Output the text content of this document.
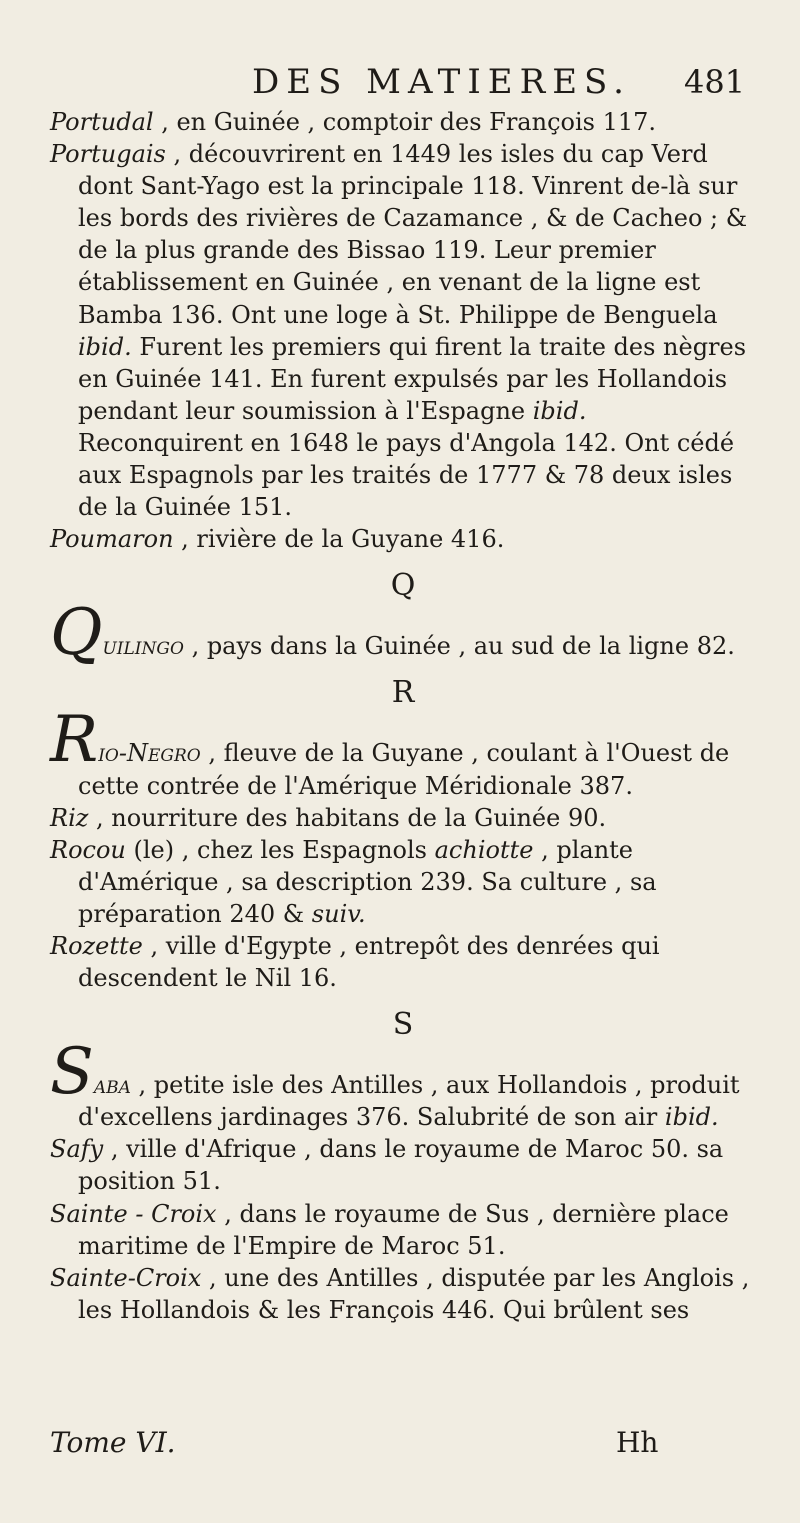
DES MATIERES. 481

Portudal , en Guinée , comptoir des François 117.

Portugais , découvrirent en 1449 les isles du cap Verd dont Sant-Yago est la principale 118. Vinrent de-là sur les bords des rivières de Cazamance , & de Cacheo ; & de la plus grande des Bissao 119. Leur premier établissement en Guinée , en venant de la ligne est Bamba 136. Ont une loge à St. Philippe de Benguela ibid. Furent les premiers qui firent la traite des nègres en Guinée 141. En furent expulsés par les Hollandois pendant leur soumission à l'Espagne ibid. Reconquirent en 1648 le pays d'Angola 142. Ont cédé aux Espagnols par les traités de 1777 & 78 deux isles de la Guinée 151.

Poumaron , rivière de la Guyane 416.

Q

Quilingo , pays dans la Guinée , au sud de la ligne 82.

R

Rio-Negro , fleuve de la Guyane , coulant à l'Ouest de cette contrée de l'Amérique Méridionale 387.

Riz , nourriture des habitans de la Guinée 90.

Rocou (le) , chez les Espagnols achiotte , plante d'Amérique , sa description 239. Sa culture , sa préparation 240 & suiv.

Rozette , ville d'Egypte , entrepôt des denrées qui descendent le Nil 16.

S

Saba , petite isle des Antilles , aux Hollandois , produit d'excellens jardinages 376. Salubrité de son air ibid.

Safy , ville d'Afrique , dans le royaume de Maroc 50. sa position 51.

Sainte - Croix , dans le royaume de Sus , dernière place maritime de l'Empire de Maroc 51.

Sainte-Croix , une des Antilles , disputée par les Anglois , les Hollandois & les François 446. Qui brûlent ses

Tome VI.	Hh
